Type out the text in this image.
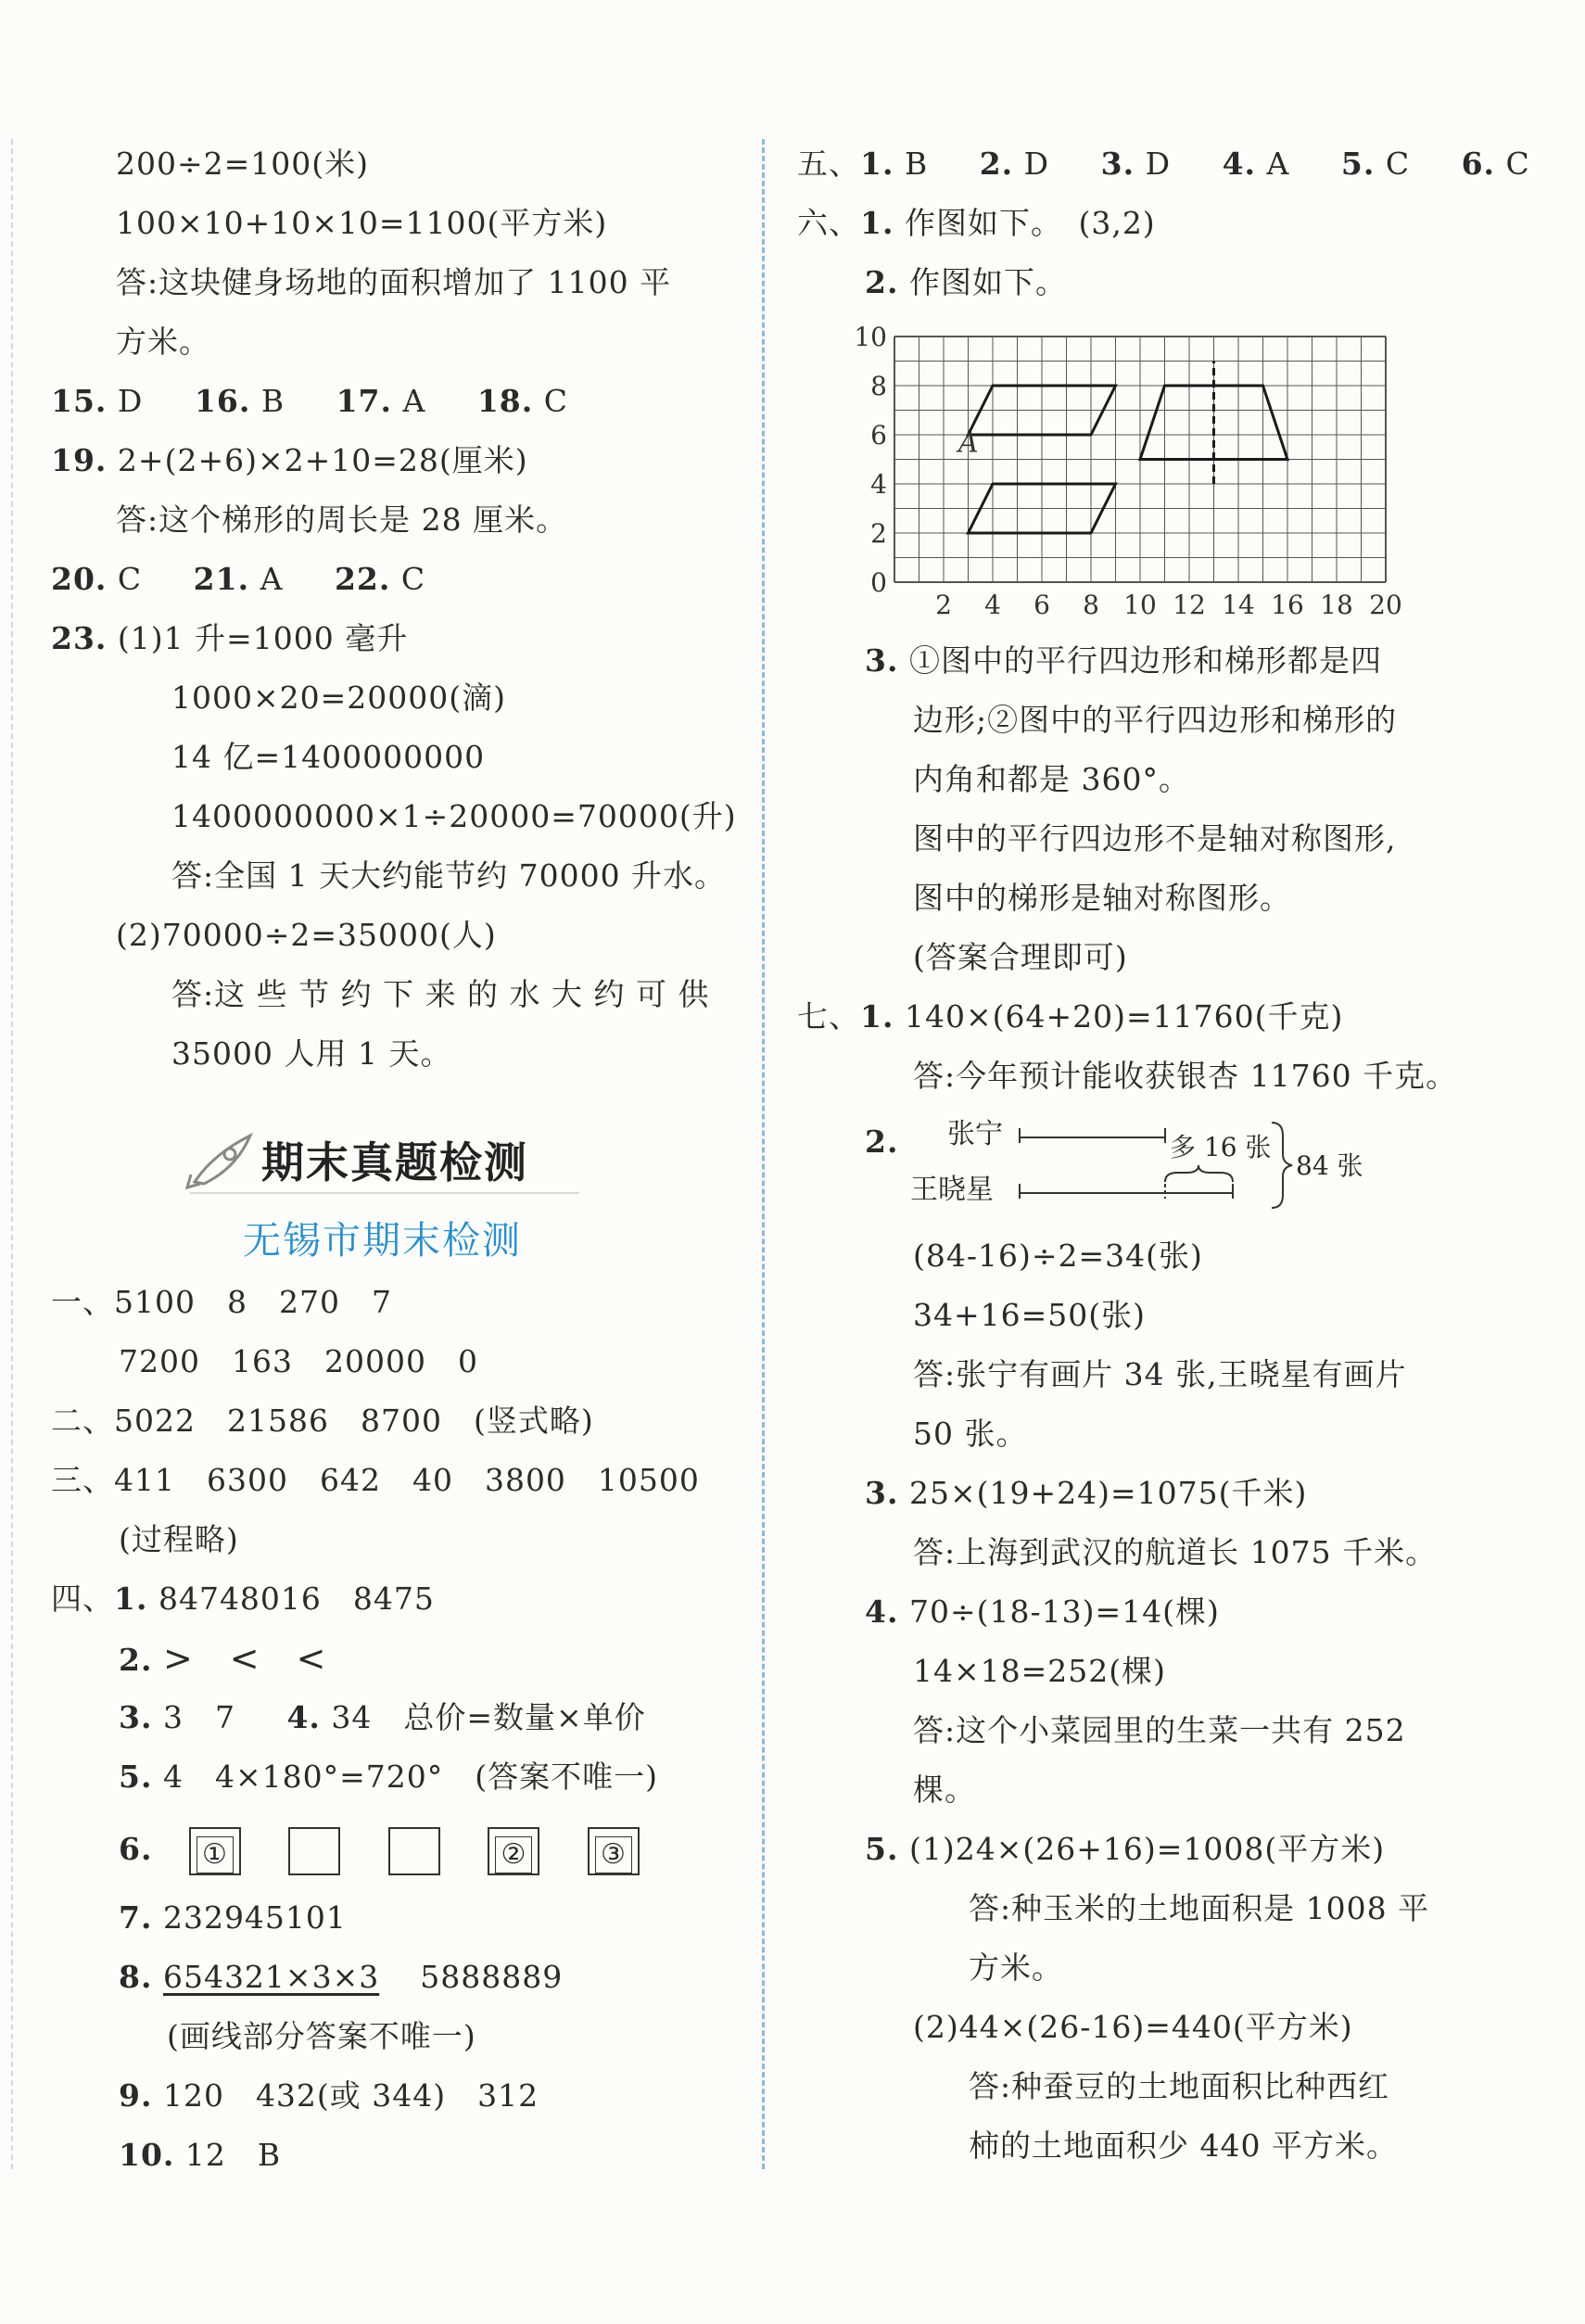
200÷2=100(米)
100×10+10×10=1100(平方米)
答:这块健身场地的面积增加了 1100 平
方米。
15. D 16. B 17. A 18. C
19. 2+(2+6)×2+10=28(厘米)
答:这个梯形的周长是 28 厘米。
20. C 21. A 22. C
23. (1)1 升=1000 毫升
1000×20=20000(滴)
14 亿=1400000000
1400000000×1÷20000=70000(升)
答:全国 1 天大约能节约 70000 升水。
(2)70000÷2=35000(人)
答:这 些 节 约 下 来 的 水 大 约 可 供
35000 人用 1 天。
期末真题检测
无锡市期末检测
一、5100　8　270　7
7200　163　20000　0
二、5022　21586　8700　(竖式略)
三、411　6300　642　40　3800　10500
(过程略)
四、1. 84748016　8475
2. >　<　<
3. 3　7 4. 34　总价=数量×单价
5. 4　4×180°=720°　(答案不唯一)
6. ①	②	③
7. 232945101
8. 654321×3×3 5888889
(画线部分答案不唯一)
9. 120　432(或 344)　312
10. 12　B
五、1. B 2. D 3. D 4. A 5. C 6. C
六、1. 作图如下。　(3,2)
2. 作图如下。
A
2 4 6 8 10 12 14 16 18 20
0
2
4
6
8
10
3. ①图中的平行四边形和梯形都是四
边形;②图中的平行四边形和梯形的
内角和都是 360°。
图中的平行四边形不是轴对称图形,
图中的梯形是轴对称图形。
(答案合理即可)
七、1. 140×(64+20)=11760(千克)
答:今年预计能收获银杏 11760 千克。
2. 张宁
王晓星
多 16 张
84 张
(84-16)÷2=34(张)
34+16=50(张)
答:张宁有画片 34 张,王晓星有画片
50 张。
3. 25×(19+24)=1075(千米)
答:上海到武汉的航道长 1075 千米。
4. 70÷(18-13)=14(棵)
14×18=252(棵)
答:这个小菜园里的生菜一共有 252
棵。
5. (1)24×(26+16)=1008(平方米)
答:种玉米的土地面积是 1008 平
方米。
(2)44×(26-16)=440(平方米)
答:种蚕豆的土地面积比种西红
柿的土地面积少 440 平方米。
